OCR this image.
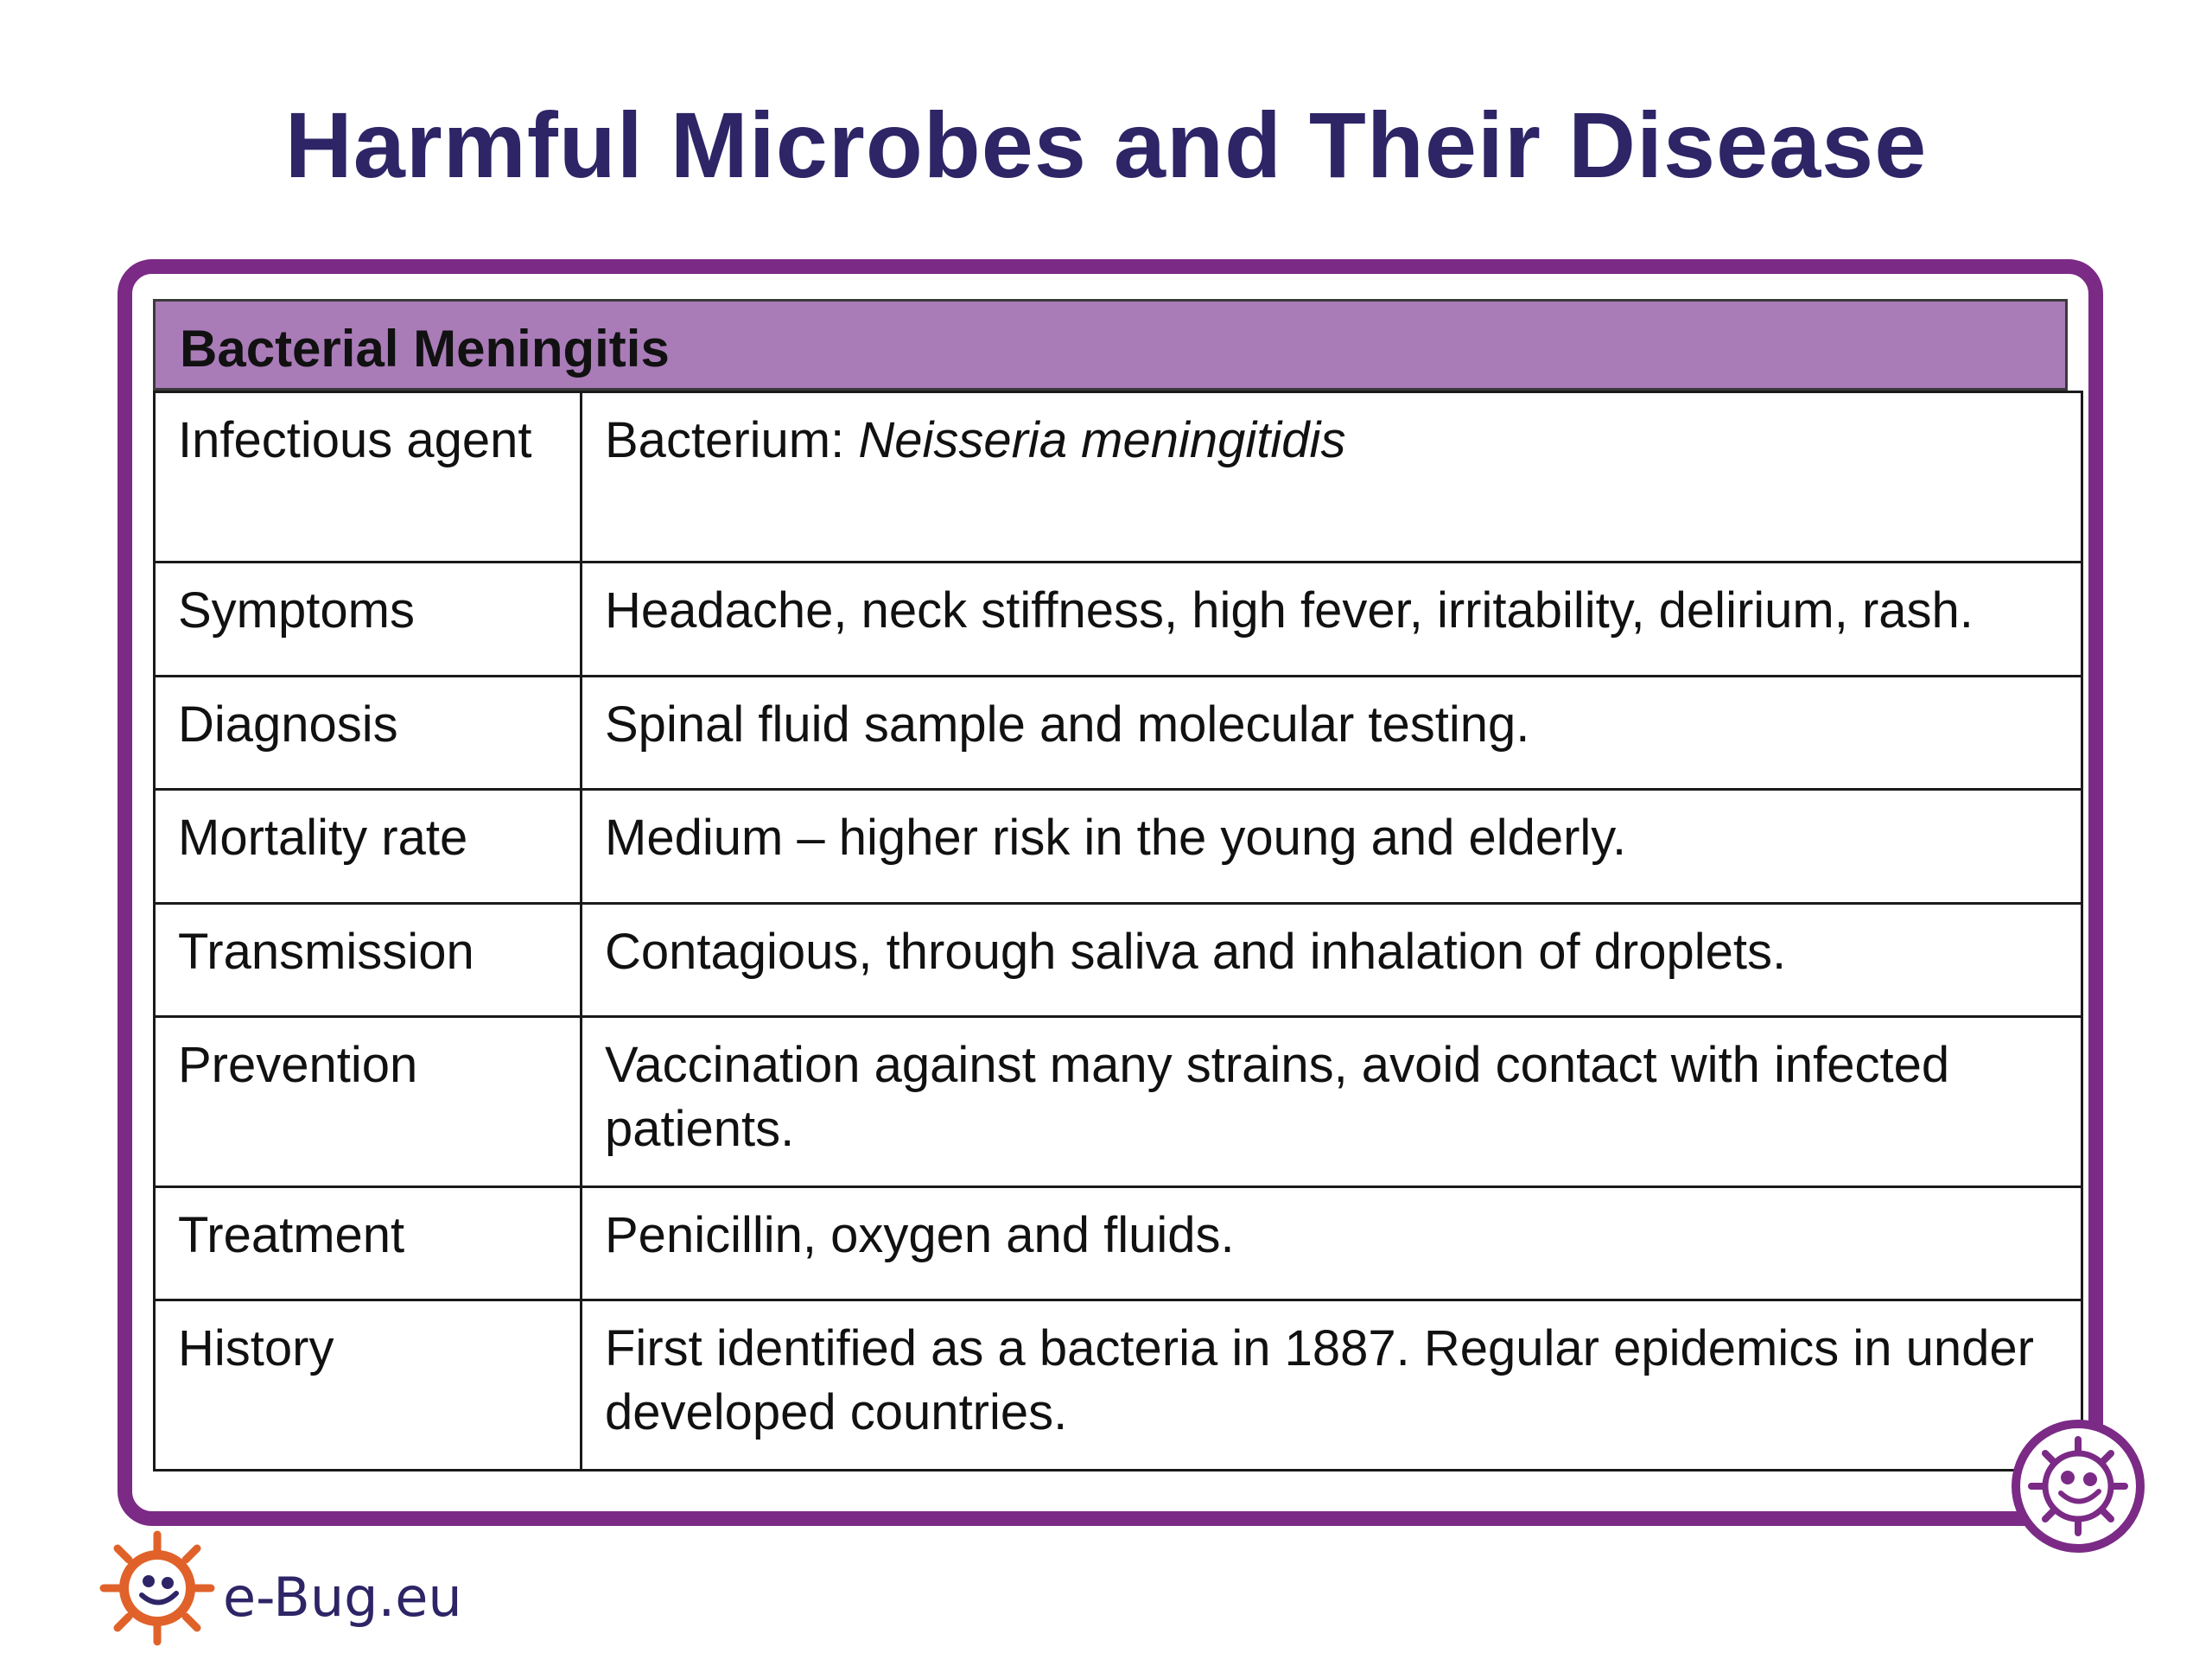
Harmful Microbes and Their Disease
Bacterial Meningitis
Infectious agent	Bacterium: Neisseria meningitidis
Symptoms	Headache, neck stiffness, high fever, irritability, delirium, rash.
Diagnosis	Spinal fluid sample and molecular testing.
Mortality rate	Medium – higher risk in the young and elderly.
Transmission	Contagious, through saliva and inhalation of droplets.
Prevention	Vaccination against many strains, avoid contact with infected patients.
Treatment	Penicillin, oxygen and fluids.
History	First identified as a bacteria in 1887. Regular epidemics in under developed countries.
e-Bug.eu
